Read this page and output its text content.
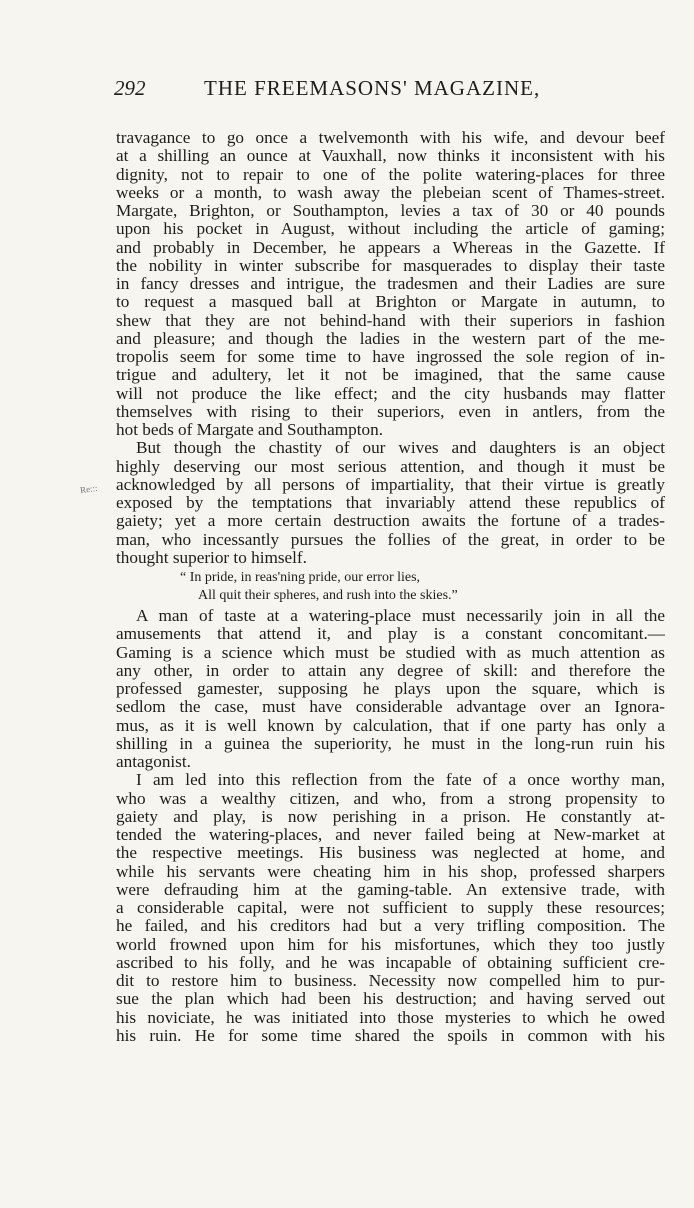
292	THE FREEMASONS' MAGAZINE,
Re:::
travagance to go once a twelvemonth with his wife, and devour beef
at a shilling an ounce at Vauxhall, now thinks it inconsistent with his
dignity, not to repair to one of the polite watering-places for three
weeks or a month, to wash away the plebeian scent of Thames-street.
Margate, Brighton, or Southampton, levies a tax of 30 or 40 pounds
upon his pocket in August, without including the article of gaming;
and probably in December, he appears a Whereas in the Gazette. If
the nobility in winter subscribe for masquerades to display their taste
in fancy dresses and intrigue, the tradesmen and their Ladies are sure
to request a masqued ball at Brighton or Margate in autumn, to
shew that they are not behind-hand with their superiors in fashion
and pleasure; and though the ladies in the western part of the me-
tropolis seem for some time to have ingrossed the sole region of in-
trigue and adultery, let it not be imagined, that the same cause
will not produce the like effect; and the city husbands may flatter
themselves with rising to their superiors, even in antlers, from the
hot beds of Margate and Southampton.
But though the chastity of our wives and daughters is an object
highly deserving our most serious attention, and though it must be
acknowledged by all persons of impartiality, that their virtue is greatly
exposed by the temptations that invariably attend these republics of
gaiety; yet a more certain destruction awaits the fortune of a trades-
man, who incessantly pursues the follies of the great, in order to be
thought superior to himself.
“ In pride, in reas'ning pride, our error lies,
All quit their spheres, and rush into the skies.”
A man of taste at a watering-place must necessarily join in all the
amusements that attend it, and play is a constant concomitant.—
Gaming is a science which must be studied with as much attention as
any other, in order to attain any degree of skill: and therefore the
professed gamester, supposing he plays upon the square, which is
sedlom the case, must have considerable advantage over an Ignora-
mus, as it is well known by calculation, that if one party has only a
shilling in a guinea the superiority, he must in the long-run ruin his
antagonist.
I am led into this reflection from the fate of a once worthy man,
who was a wealthy citizen, and who, from a strong propensity to
gaiety and play, is now perishing in a prison. He constantly at-
tended the watering-places, and never failed being at New-market at
the respective meetings. His business was neglected at home, and
while his servants were cheating him in his shop, professed sharpers
were defrauding him at the gaming-table. An extensive trade, with
a considerable capital, were not sufficient to supply these resources;
he failed, and his creditors had but a very trifling composition. The
world frowned upon him for his misfortunes, which they too justly
ascribed to his folly, and he was incapable of obtaining sufficient cre-
dit to restore him to business. Necessity now compelled him to pur-
sue the plan which had been his destruction; and having served out
his noviciate, he was initiated into those mysteries to which he owed
his ruin. He for some time shared the spoils in common with his
